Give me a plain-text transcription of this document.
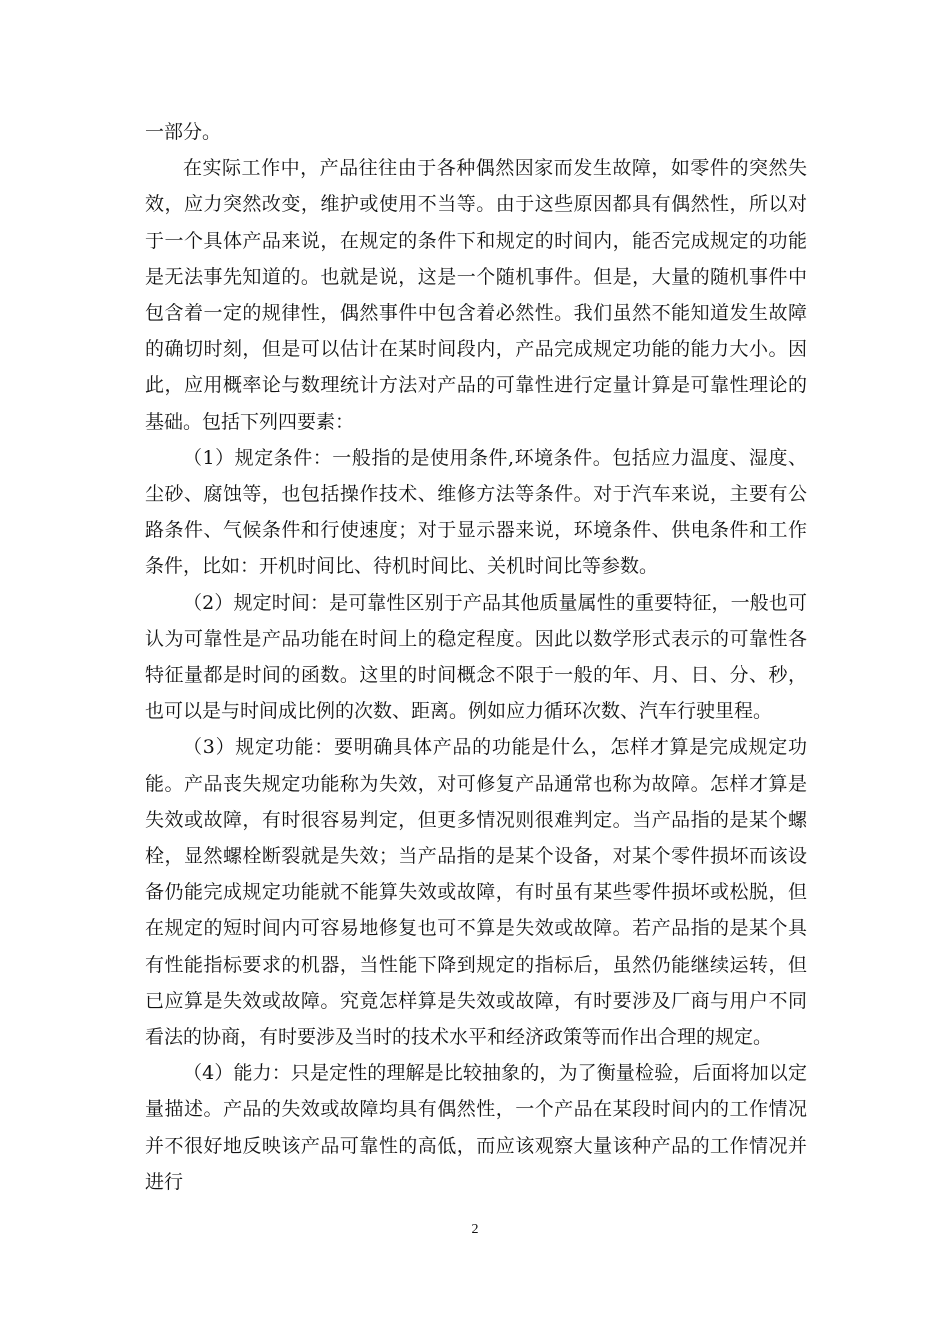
一部分。

在实际工作中，产品往往由于各种偶然因家而发生故障，如零件的突然失效，应力突然改变，维护或使用不当等。由于这些原因都具有偶然性，所以对于一个具体产品来说，在规定的条件下和规定的时间内，能否完成规定的功能是无法事先知道的。也就是说，这是一个随机事件。但是，大量的随机事件中包含着一定的规律性，偶然事件中包含着必然性。我们虽然不能知道发生故障的确切时刻，但是可以估计在某时间段内，产品完成规定功能的能力大小。因此，应用概率论与数理统计方法对产品的可靠性进行定量计算是可靠性理论的基础。包括下列四要素：

（1）规定条件：一般指的是使用条件,环境条件。包括应力温度、湿度、尘砂、腐蚀等，也包括操作技术、维修方法等条件。对于汽车来说，主要有公路条件、气候条件和行使速度；对于显示器来说，环境条件、供电条件和工作条件，比如：开机时间比、待机时间比、关机时间比等参数。

（2）规定时间：是可靠性区别于产品其他质量属性的重要特征，一般也可认为可靠性是产品功能在时间上的稳定程度。因此以数学形式表示的可靠性各特征量都是时间的函数。这里的时间概念不限于一般的年、月、日、分、秒，也可以是与时间成比例的次数、距离。例如应力循环次数、汽车行驶里程。

（3）规定功能：要明确具体产品的功能是什么，怎样才算是完成规定功能。产品丧失规定功能称为失效，对可修复产品通常也称为故障。怎样才算是失效或故障，有时很容易判定，但更多情况则很难判定。当产品指的是某个螺栓，显然螺栓断裂就是失效；当产品指的是某个设备，对某个零件损坏而该设备仍能完成规定功能就不能算失效或故障，有时虽有某些零件损坏或松脱，但在规定的短时间内可容易地修复也可不算是失效或故障。若产品指的是某个具有性能指标要求的机器，当性能下降到规定的指标后，虽然仍能继续运转，但已应算是失效或故障。究竟怎样算是失效或故障，有时要涉及厂商与用户不同看法的协商，有时要涉及当时的技术水平和经济政策等而作出合理的规定。

（4）能力：只是定性的理解是比较抽象的，为了衡量检验，后面将加以定量描述。产品的失效或故障均具有偶然性，一个产品在某段时间内的工作情况并不很好地反映该产品可靠性的高低，而应该观察大量该种产品的工作情况并进行

2
